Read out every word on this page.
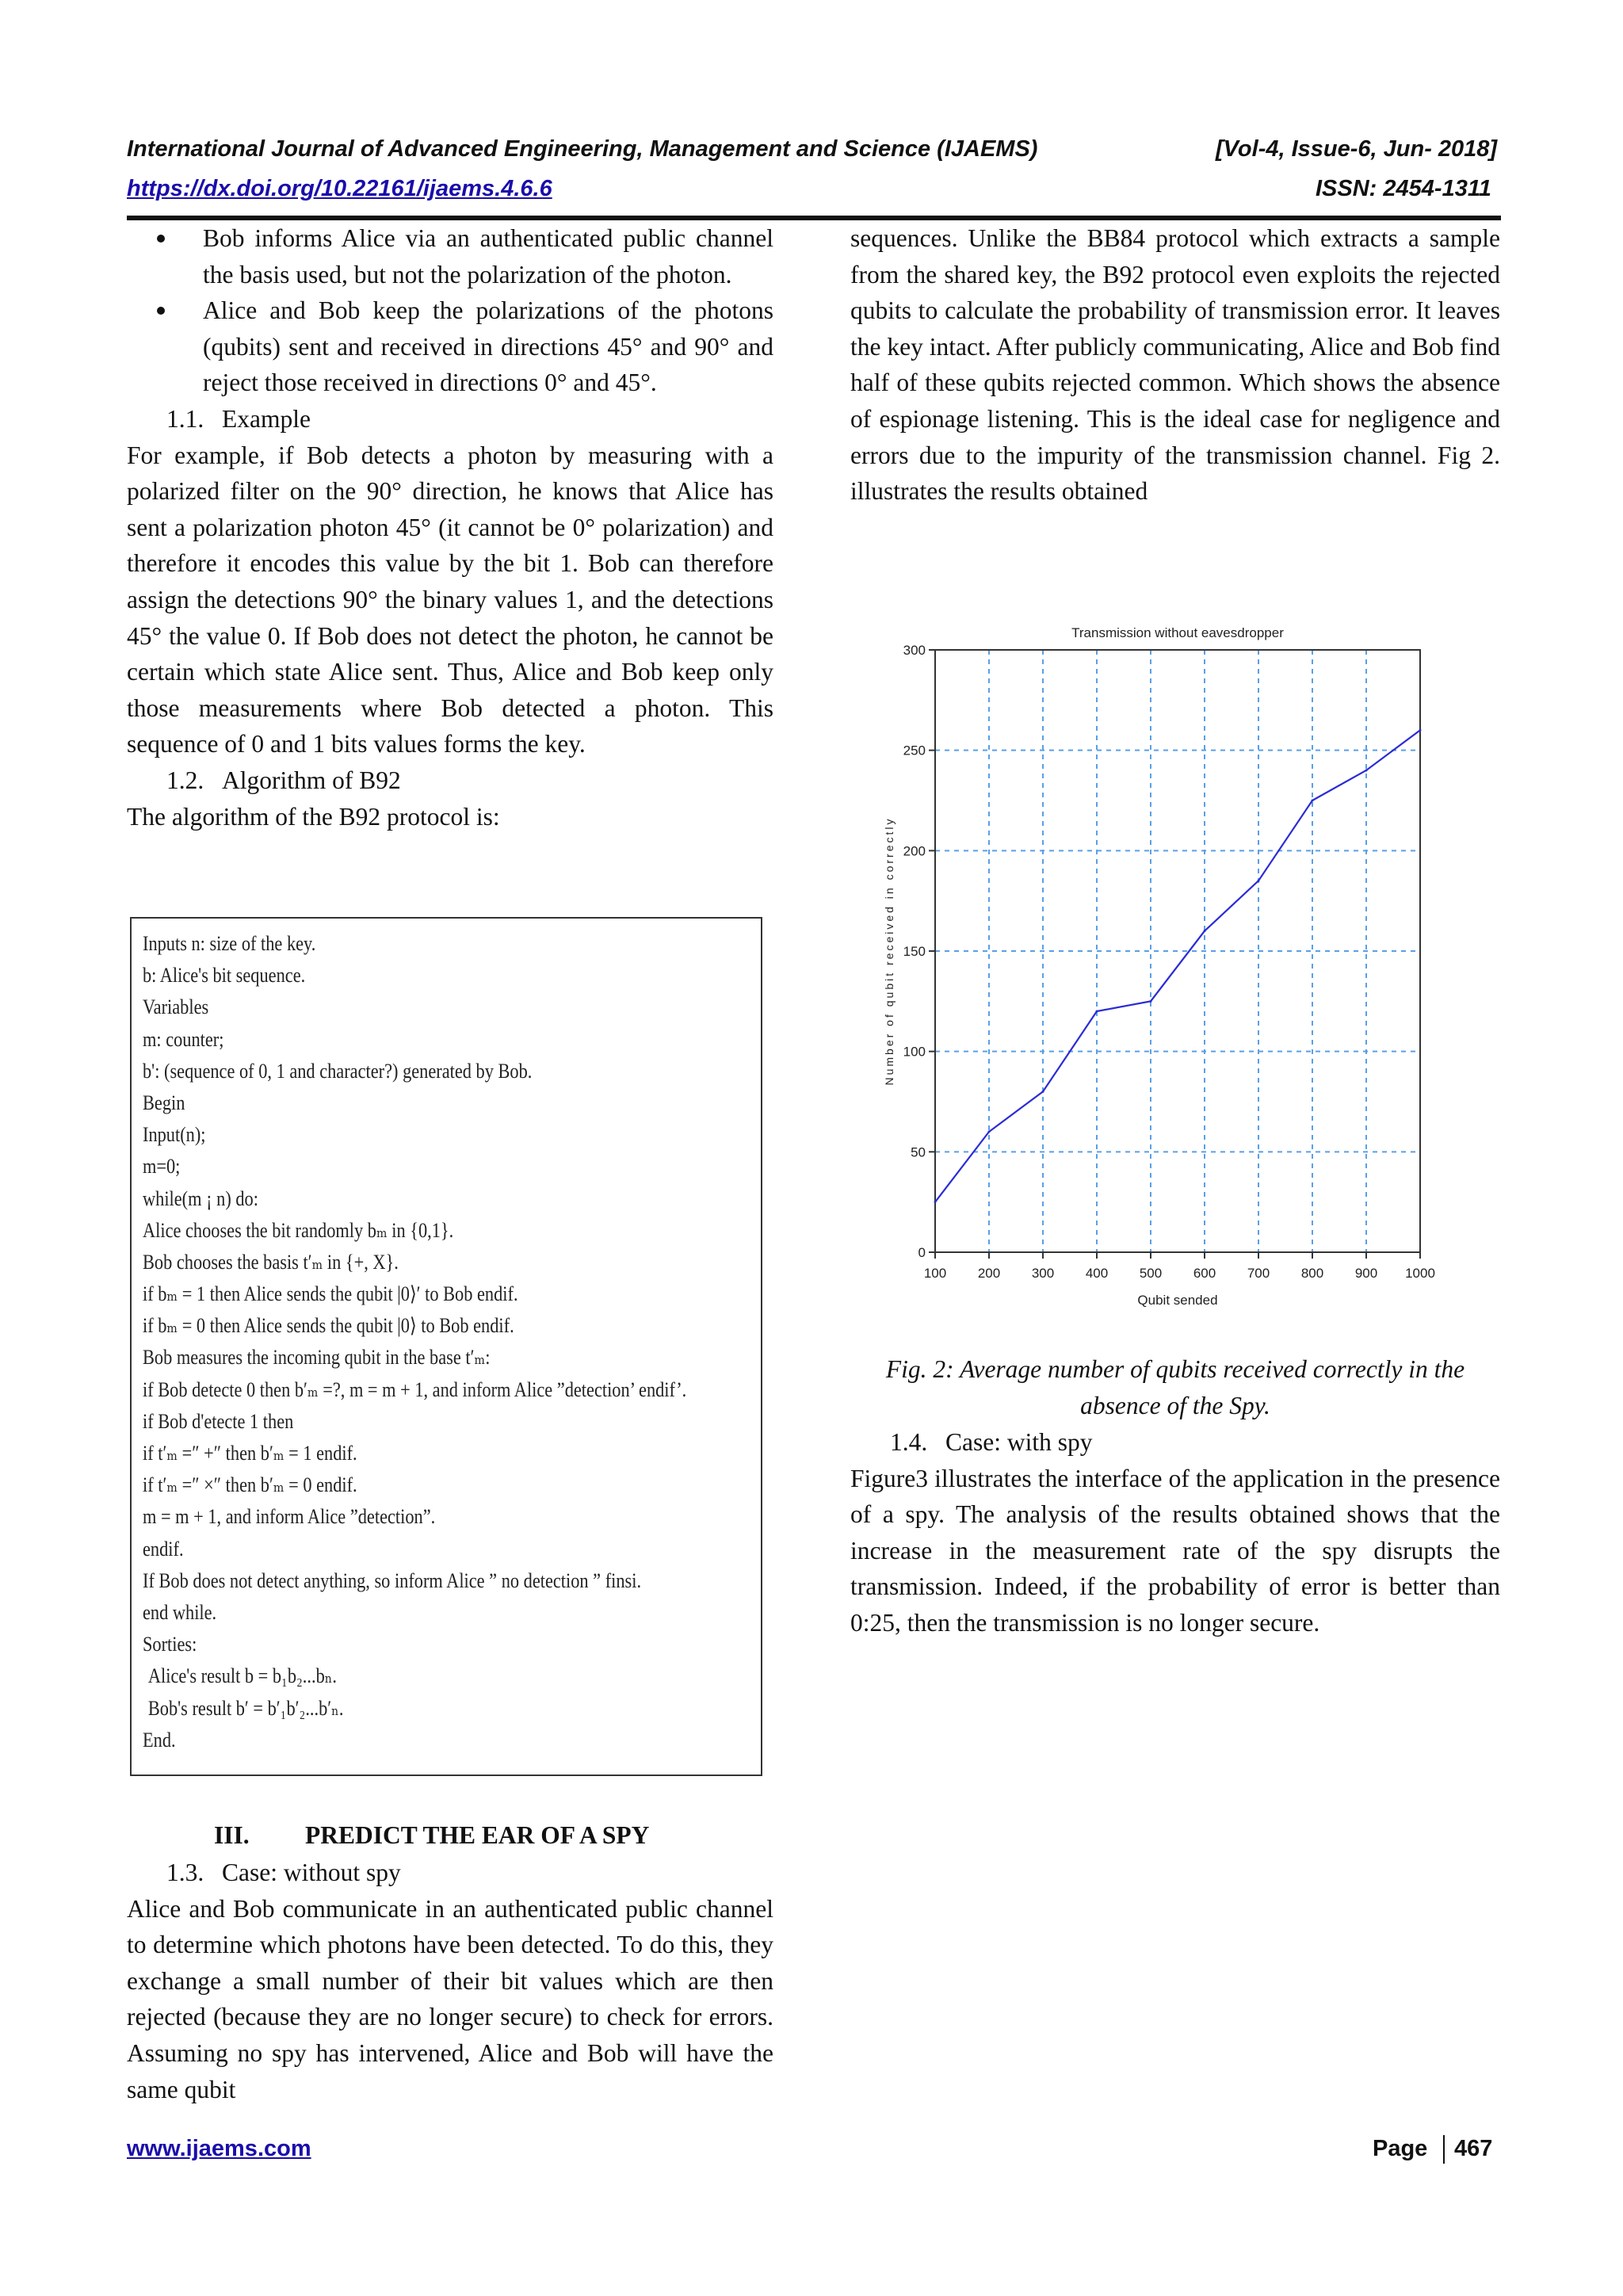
International Journal of Advanced Engineering, Management and Science (IJAEMS)	[Vol-4, Issue-6, Jun- 2018]
https://dx.doi.org/10.22161/ijaems.4.6.6	ISSN: 2454-1311
Bob informs Alice via an authenticated public channel the basis used, but not the polarization of the photon.
Alice and Bob keep the polarizations of the photons (qubits) sent and received in directions 45° and 90° and reject those received in directions 0° and 45°.
1.1. Example

For example, if Bob detects a photon by measuring with a polarized filter on the 90° direction, he knows that Alice has sent a polarization photon 45° (it cannot be 0° polarization) and therefore it encodes this value by the bit 1. Bob can therefore assign the detections 90° the binary values 1, and the detections 45° the value 0. If Bob does not detect the photon, he cannot be certain which state Alice sent. Thus, Alice and Bob keep only those measurements where Bob detected a photon. This sequence of 0 and 1 bits values forms the key.

1.2. Algorithm of B92

The algorithm of the B92 protocol is:

Inputs n: size of the key.
b: Alice's bit sequence.
Variables
m: counter;
b': (sequence of 0, 1 and character?) generated by Bob.
Begin
Input(n);
m=0;
while(m ¡ n) do:
Alice chooses the bit randomly bₘ in {0,1}.
Bob chooses the basis t′ₘ in {+, X}.
if bₘ = 1 then Alice sends the qubit |0⟩′ to Bob endif.
if bₘ = 0 then Alice sends the qubit |0⟩ to Bob endif.
Bob measures the incoming qubit in the base t′ₘ:
if Bob detecte 0 then b′ₘ =?, m = m + 1, and inform Alice ”detection’ endif’.
if Bob d'etecte 1 then
if t′ₘ =″ +″ then b′ₘ = 1 endif.
if t′ₘ =″ ×″ then b′ₘ = 0 endif.
m = m + 1, and inform Alice ”detection”.
endif.
If Bob does not detect anything, so inform Alice ” no detection ” finsi.
end while.
Sorties:
Alice's result b = b₁b₂...bₙ.
Bob's result b′ = b′₁b′₂...b′ₙ.
End.
III. PREDICT THE EAR OF A SPY
1.3. Case: without spy

Alice and Bob communicate in an authenticated public channel to determine which photons have been detected. To do this, they exchange a small number of their bit values which are then rejected (because they are no longer secure) to check for errors. Assuming no spy has intervened, Alice and Bob will have the same qubit

sequences. Unlike the BB84 protocol which extracts a sample from the shared key, the B92 protocol even exploits the rejected qubits to calculate the probability of transmission error. It leaves the key intact. After publicly communicating, Alice and Bob find half of these qubits rejected common. Which shows the absence of espionage listening. This is the ideal case for negligence and errors due to the impurity of the transmission channel. Fig 2. illustrates the results obtained

100 200 300 400 500 600 700 800 900 1000
0
50
100
150
200
250
300
Transmission without eavesdropper
Qubit sended
Number of qubit received in correctly
Fig. 2: Average number of qubits received correctly in the absence of the Spy.
1.4. Case: with spy

Figure3 illustrates the interface of the application in the presence of a spy. The analysis of the results obtained shows that the increase in the measurement rate of the spy disrupts the transmission. Indeed, if the probability of error is better than 0:25, then the transmission is no longer secure.

www.ijaems.com	Page 467
